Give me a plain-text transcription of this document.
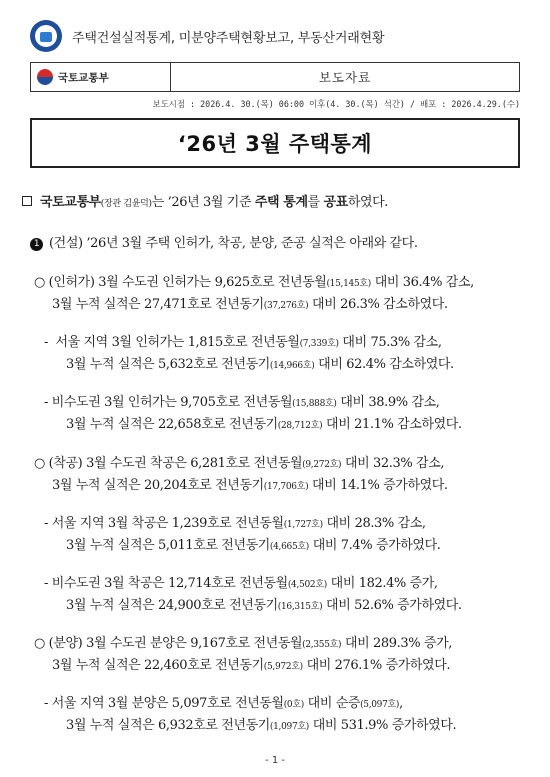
주택건설실적통계, 미분양주택현황보고, 부동산거래현황
국토교통부	보도자료
보도시점 : 2026.4. 30.(목) 06:00 이후(4. 30.(목) 석간) / 배포 : 2026.4.29.(수)
‘26년 3월 주택통계
국토교통부(장관 김윤덕)는 ’26년 3월 기준 주택 통계를 공표하였다.
1 (건설) ’26년 3월 주택 인허가, 착공, 분양, 준공 실적은 아래와 같다.
○ (인허가) 3월 수도권 인허가는 9,625호로 전년동월(15,145호) 대비 36.4% 감소,
3월 누적 실적은 27,471호로 전년동기(37,276호) 대비 26.3% 감소하였다.
- 서울 지역 3월 인허가는 1,815호로 전년동월(7,339호) 대비 75.3% 감소,
3월 누적 실적은 5,632호로 전년동기(14,966호) 대비 62.4% 감소하였다.
- 비수도권 3월 인허가는 9,705호로 전년동월(15,888호) 대비 38.9% 감소,
3월 누적 실적은 22,658호로 전년동기(28,712호) 대비 21.1% 감소하였다.
○ (착공) 3월 수도권 착공은 6,281호로 전년동월(9,272호) 대비 32.3% 감소,
3월 누적 실적은 20,204호로 전년동기(17,706호) 대비 14.1% 증가하였다.
- 서울 지역 3월 착공은 1,239호로 전년동월(1,727호) 대비 28.3% 감소,
3월 누적 실적은 5,011호로 전년동기(4,665호) 대비 7.4% 증가하였다.
- 비수도권 3월 착공은 12,714호로 전년동월(4,502호) 대비 182.4% 증가,
3월 누적 실적은 24,900호로 전년동기(16,315호) 대비 52.6% 증가하였다.
○ (분양) 3월 수도권 분양은 9,167호로 전년동월(2,355호) 대비 289.3% 증가,
3월 누적 실적은 22,460호로 전년동기(5,972호) 대비 276.1% 증가하였다.
- 서울 지역 3월 분양은 5,097호로 전년동월(0호) 대비 순증(5,097호),
3월 누적 실적은 6,932호로 전년동기(1,097호) 대비 531.9% 증가하였다.
- 1 -
